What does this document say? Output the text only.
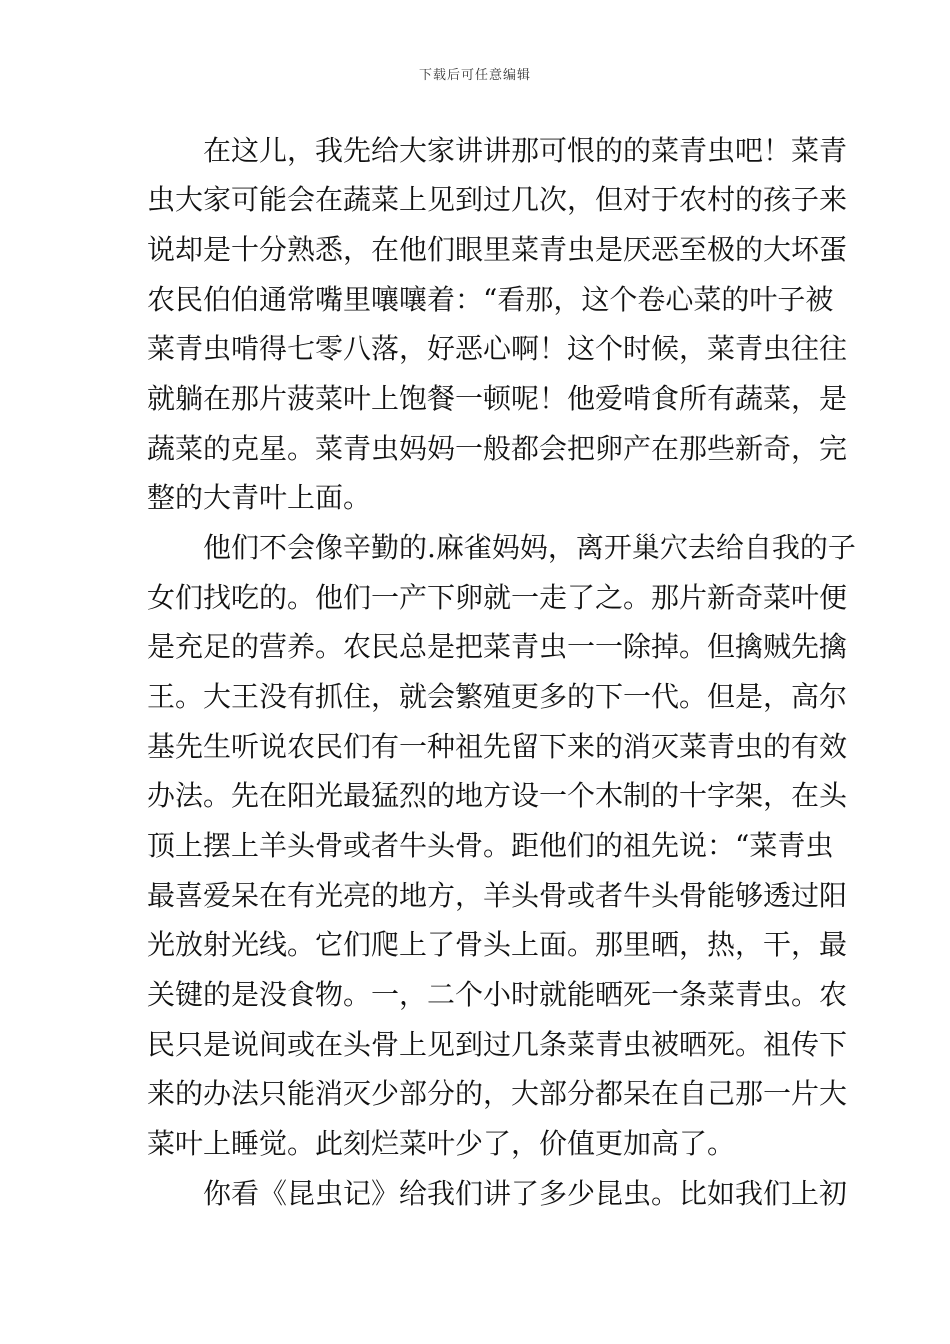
下载后可任意编辑
　　在这儿，我先给大家讲讲那可恨的的菜青虫吧！菜青
虫大家可能会在蔬菜上见到过几次，但对于农村的孩子来
说却是十分熟悉，在他们眼里菜青虫是厌恶至极的大坏蛋
农民伯伯通常嘴里嚷嚷着：“看那，这个卷心菜的叶子被
菜青虫啃得七零八落，好恶心啊！这个时候，菜青虫往往
就躺在那片菠菜叶上饱餐一顿呢！他爱啃食所有蔬菜，是
蔬菜的克星。菜青虫妈妈一般都会把卵产在那些新奇，完
整的大青叶上面。
　　他们不会像辛勤的.麻雀妈妈，离开巢穴去给自我的子
女们找吃的。他们一产下卵就一走了之。那片新奇菜叶便
是充足的营养。农民总是把菜青虫一一除掉。但擒贼先擒
王。大王没有抓住，就会繁殖更多的下一代。但是，高尔
基先生听说农民们有一种祖先留下来的消灭菜青虫的有效
办法。先在阳光最猛烈的地方设一个木制的十字架，在头
顶上摆上羊头骨或者牛头骨。距他们的祖先说：“菜青虫
最喜爱呆在有光亮的地方，羊头骨或者牛头骨能够透过阳
光放射光线。它们爬上了骨头上面。那里晒，热，干，最
关键的是没食物。一，二个小时就能晒死一条菜青虫。农
民只是说间或在头骨上见到过几条菜青虫被晒死。祖传下
来的办法只能消灭少部分的，大部分都呆在自己那一片大
菜叶上睡觉。此刻烂菜叶少了，价值更加高了。
　　你看《昆虫记》给我们讲了多少昆虫。比如我们上初
